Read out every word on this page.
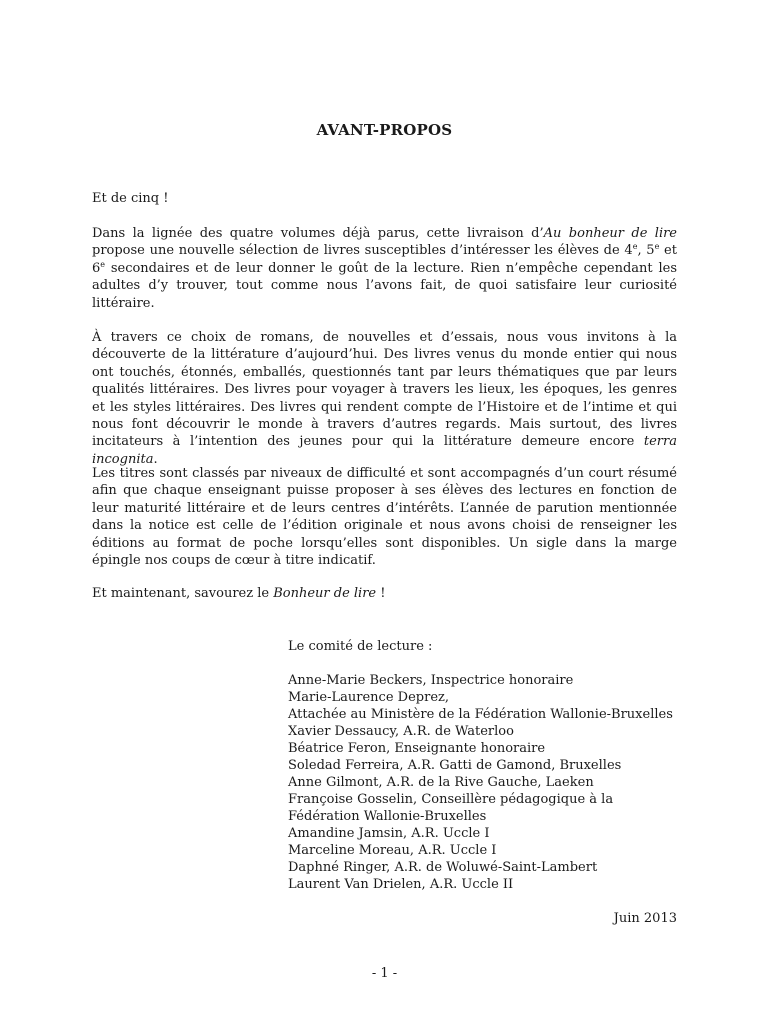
AVANT-PROPOS

Et de cinq !

Dans la lignée des quatre volumes déjà parus, cette livraison d’Au bonheur de lire propose une nouvelle sélection de livres susceptibles d’intéresser les élèves de 4e, 5e et 6e secondaires et de leur donner le goût de la lecture. Rien n’empêche cependant les adultes d’y trouver, tout comme nous l’avons fait, de quoi satisfaire leur curiosité littéraire.

À travers ce choix de romans, de nouvelles et d’essais, nous vous invitons à la découverte de la littérature d’aujourd’hui. Des livres venus du monde entier qui nous ont touchés, étonnés, emballés, questionnés tant par leurs thématiques que par leurs qualités littéraires. Des livres pour voyager à travers les lieux, les époques, les genres et les styles littéraires. Des livres qui rendent compte de l’Histoire et de l’intime et qui nous font découvrir le monde à travers d’autres regards. Mais surtout, des livres incitateurs à l’intention des jeunes pour qui la littérature demeure encore terra incognita.

Les titres sont classés par niveaux de difficulté et sont accompagnés d’un court résumé afin que chaque enseignant puisse proposer à ses élèves des lectures en fonction de leur maturité littéraire et de leurs centres d’intérêts. L’année de parution mentionnée dans la notice est celle de l’édition originale et nous avons choisi de renseigner les éditions au format de poche lorsqu’elles sont disponibles. Un sigle dans la marge épingle nos coups de cœur à titre indicatif.

Et maintenant, savourez le Bonheur de lire !

Le comité de lecture :
Anne-Marie Beckers, Inspectrice honoraire
Marie-Laurence Deprez,
Attachée au Ministère de la Fédération Wallonie-Bruxelles
Xavier Dessaucy, A.R. de Waterloo
Béatrice Feron, Enseignante honoraire
Soledad Ferreira, A.R. Gatti de Gamond, Bruxelles
Anne Gilmont, A.R. de la Rive Gauche, Laeken
Françoise Gosselin, Conseillère pédagogique à la
Fédération Wallonie-Bruxelles
Amandine Jamsin, A.R. Uccle I
Marceline Moreau, A.R. Uccle I
Daphné Ringer, A.R. de Woluwé-Saint-Lambert
Laurent Van Drielen, A.R. Uccle II

Juin 2013

- 1 -
